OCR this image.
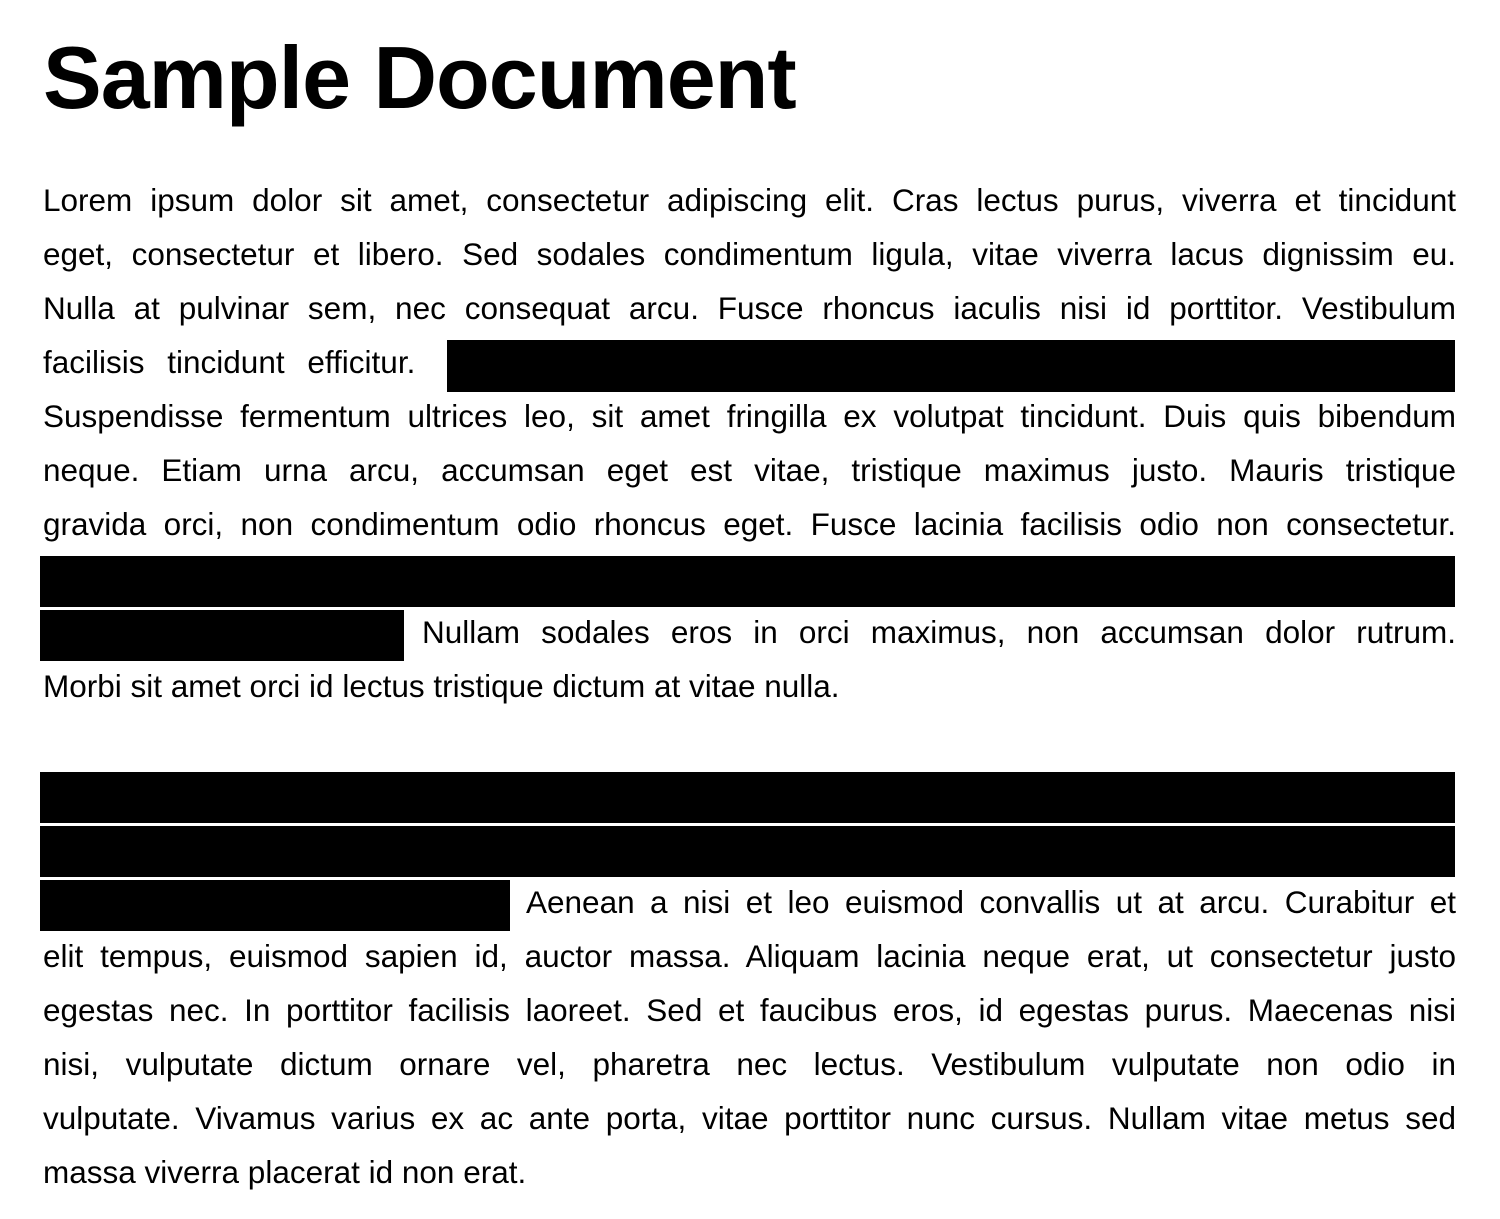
Sample Document
Lorem ipsum dolor sit amet, consectetur adipiscing elit. Cras lectus purus, viverra et tincidunt
eget, consectetur et libero. Sed sodales condimentum ligula, vitae viverra lacus dignissim eu.
Nulla at pulvinar sem, nec consequat arcu. Fusce rhoncus iaculis nisi id porttitor. Vestibulum
facilisis tincidunt efficitur.
Suspendisse fermentum ultrices leo, sit amet fringilla ex volutpat tincidunt. Duis quis bibendum
neque. Etiam urna arcu, accumsan eget est vitae, tristique maximus justo. Mauris tristique
gravida orci, non condimentum odio rhoncus eget. Fusce lacinia facilisis odio non consectetur.
Nullam sodales eros in orci maximus, non accumsan dolor rutrum.
Morbi sit amet orci id lectus tristique dictum at vitae nulla.
Aenean a nisi et leo euismod convallis ut at arcu. Curabitur et
elit tempus, euismod sapien id, auctor massa. Aliquam lacinia neque erat, ut consectetur justo
egestas nec. In porttitor facilisis laoreet. Sed et faucibus eros, id egestas purus. Maecenas nisi
nisi, vulputate dictum ornare vel, pharetra nec lectus. Vestibulum vulputate non odio in
vulputate. Vivamus varius ex ac ante porta, vitae porttitor nunc cursus. Nullam vitae metus sed
massa viverra placerat id non erat.
